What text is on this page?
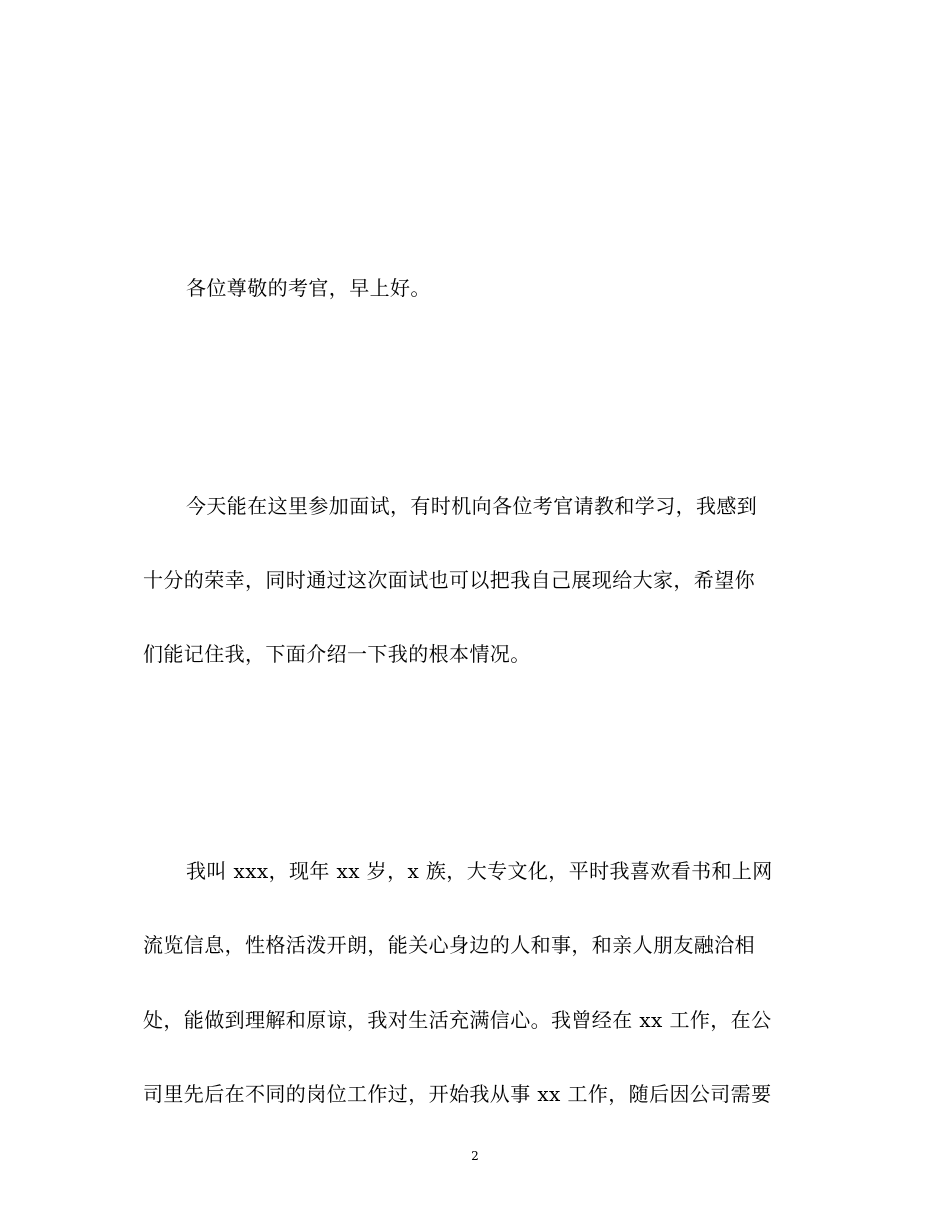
各位尊敬的考官，早上好。
今天能在这里参加面试，有时机向各位考官请教和学习，我感到
十分的荣幸，同时通过这次面试也可以把我自己展现给大家，希望你
们能记住我，下面介绍一下我的根本情况。
我叫 xxx，现年 xx 岁，x 族，大专文化，平时我喜欢看书和上网
流览信息，性格活泼开朗，能关心身边的人和事，和亲人朋友融洽相
处，能做到理解和原谅，我对生活充满信心。我曾经在 xx 工作，在公
司里先后在不同的岗位工作过，开始我从事 xx 工作，随后因公司需要
2
